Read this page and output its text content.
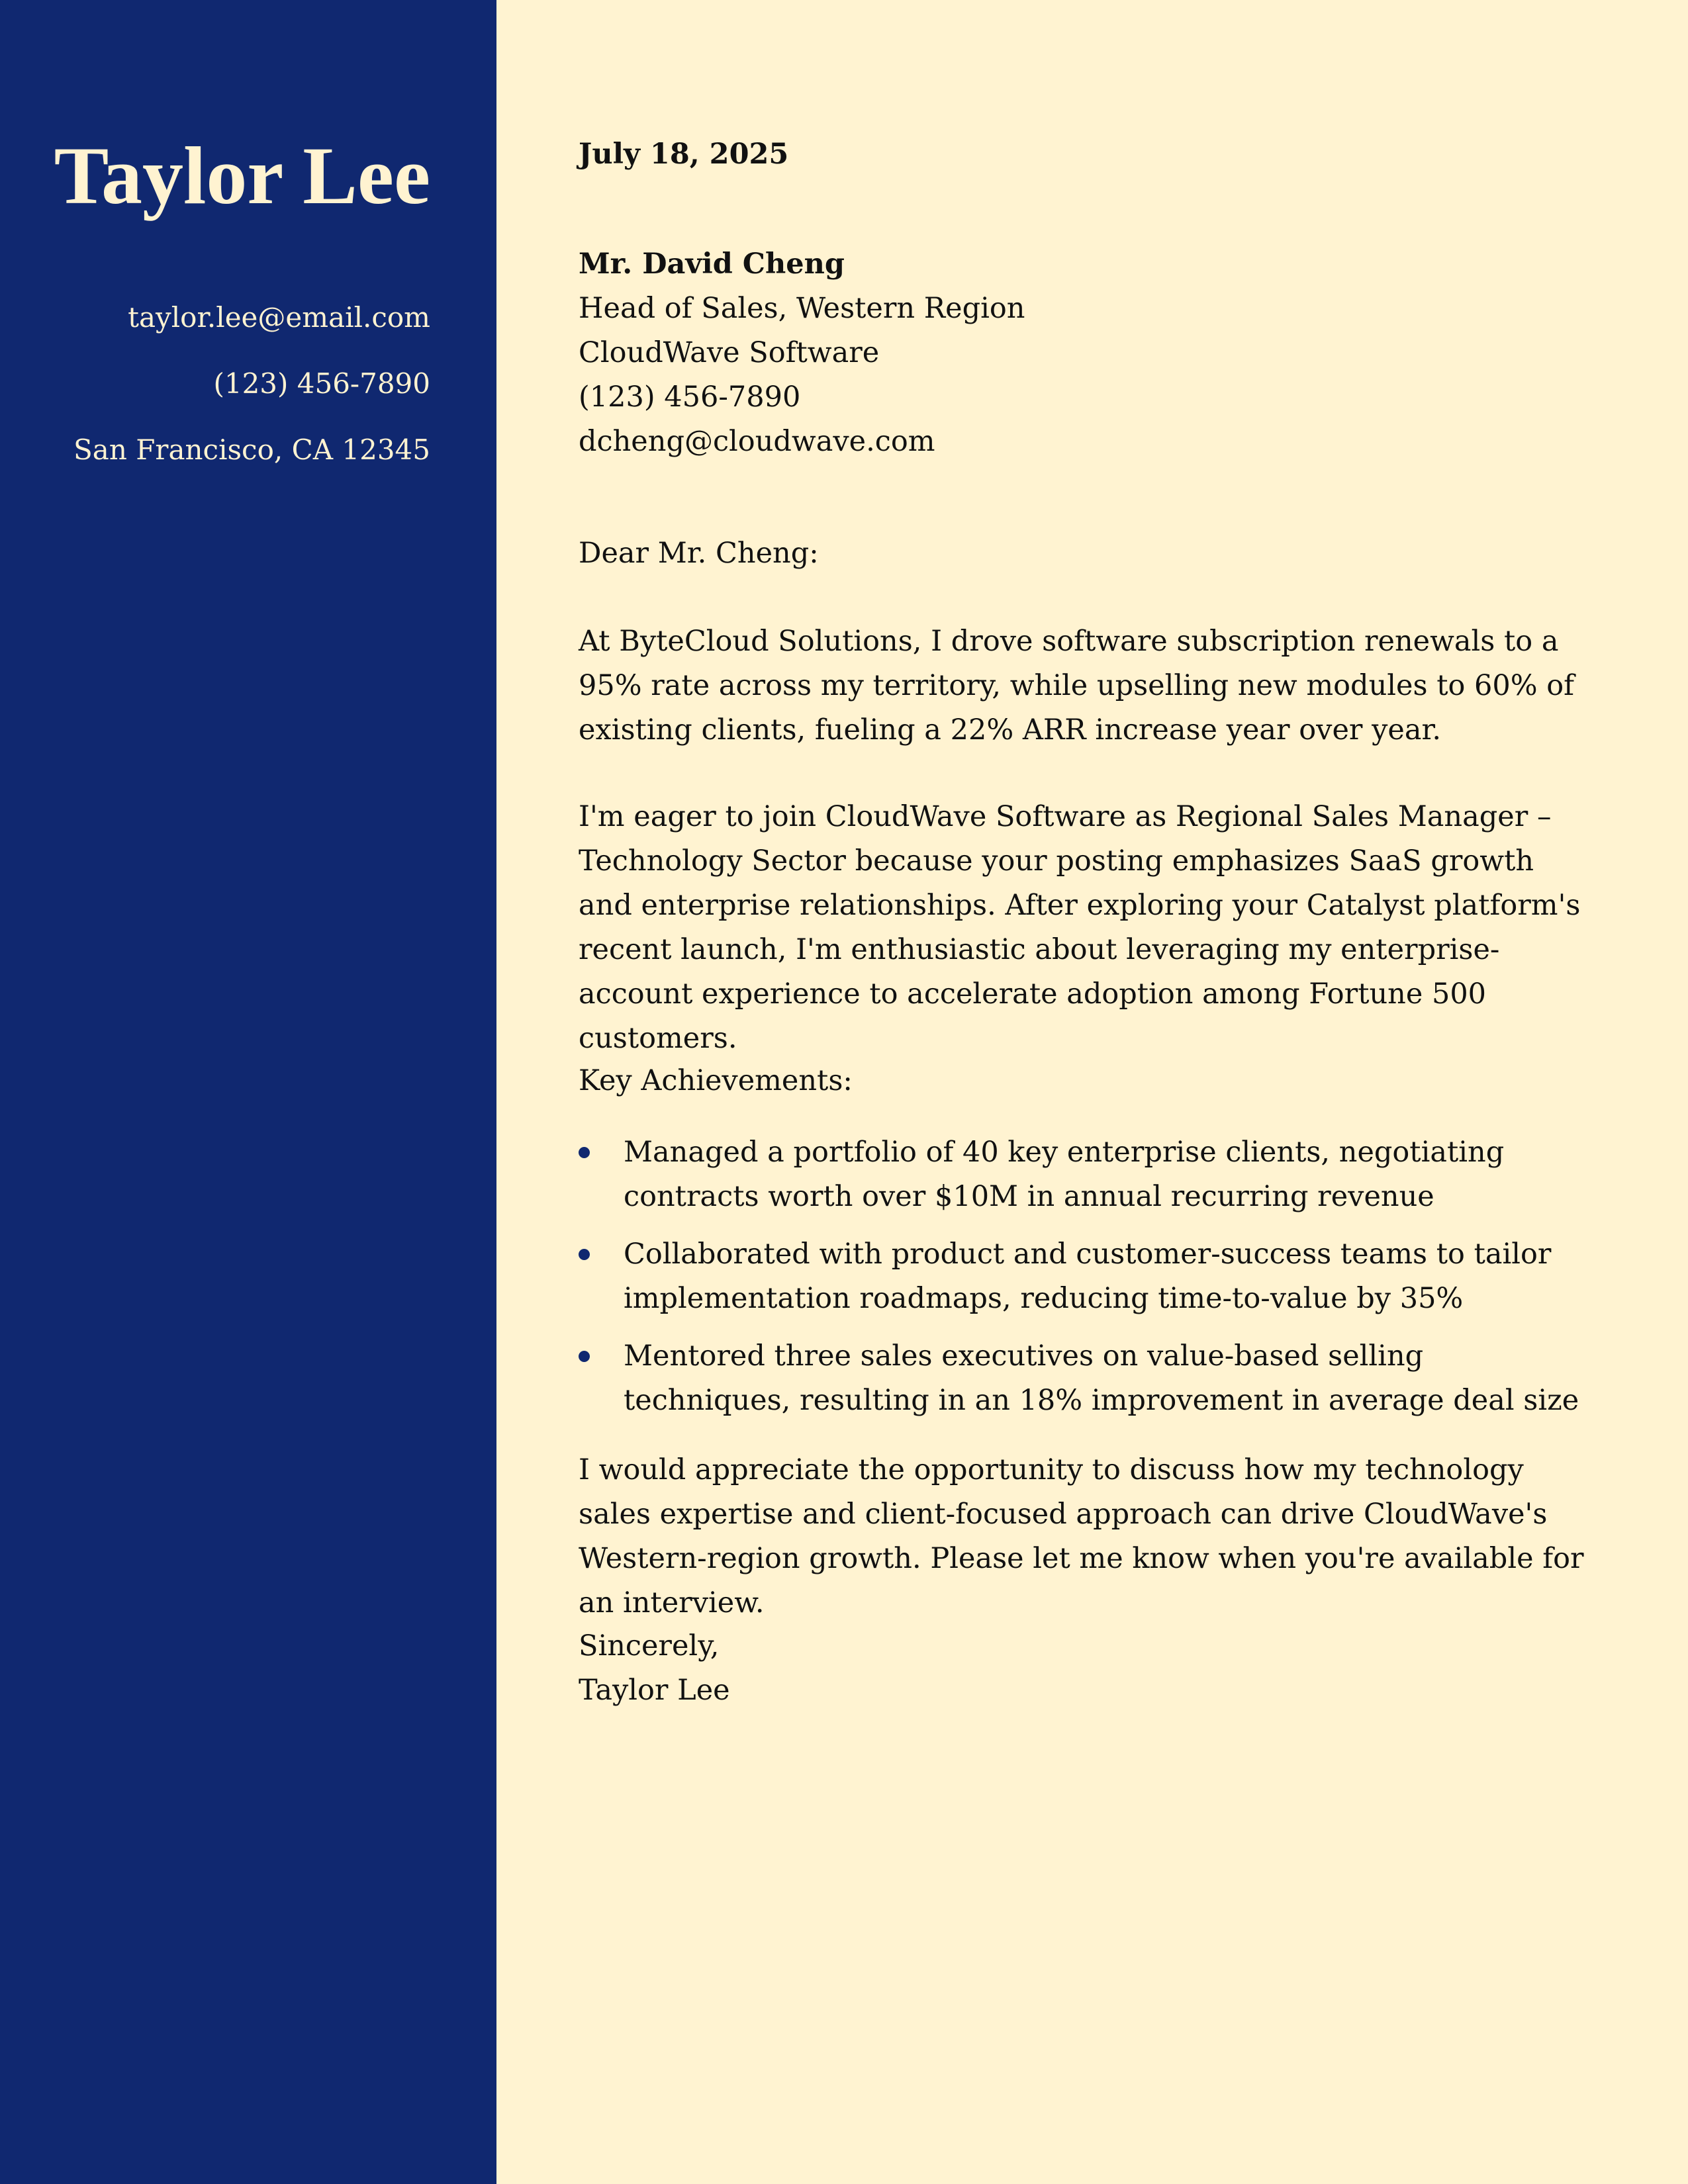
Taylor Lee
taylor.lee@email.com
(123) 456-7890
San Francisco, CA 12345
July 18, 2025
Mr. David Cheng
Head of Sales, Western Region
CloudWave Software
(123) 456-7890
dcheng@cloudwave.com
Dear Mr. Cheng:

At ByteCloud Solutions, I drove software subscription renewals to a 95% rate across my territory, while upselling new modules to 60% of existing clients, fueling a 22% ARR increase year over year.

I'm eager to join CloudWave Software as Regional Sales Manager – Technology Sector because your posting emphasizes SaaS growth and enterprise relationships. After exploring your Catalyst platform's recent launch, I'm enthusiastic about leveraging my enterprise-account experience to accelerate adoption among Fortune 500 customers.

Key Achievements:
Managed a portfolio of 40 key enterprise clients, negotiating contracts worth over $10M in annual recurring revenue
Collaborated with product and customer-success teams to tailor implementation roadmaps, reducing time-to-value by 35%
Mentored three sales executives on value-based selling techniques, resulting in an 18% improvement in average deal size

I would appreciate the opportunity to discuss how my technology sales expertise and client-focused approach can drive CloudWave's Western-region growth. Please let me know when you're available for an interview.

Sincerely,
Taylor Lee
